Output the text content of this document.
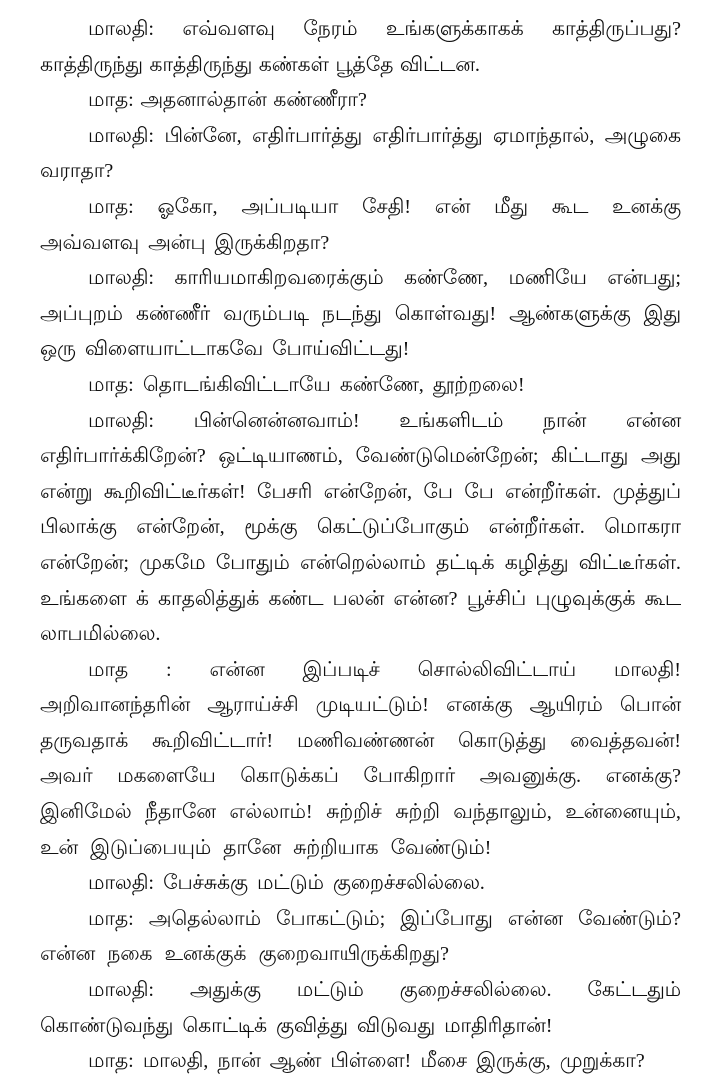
மாலதி: எவ்வளவு நேரம் உங்களுக்காகக் காத்திருப்பது? காத்திருந்து காத்திருந்து கண்கள் பூத்தே விட்டன.

மாத: அதனால்தான் கண்ணீரா?

மாலதி: பின்னே, எதிர்பார்த்து எதிர்பார்த்து ஏமாந்தால், அழுகை வராதா?

மாத: ஓகோ, அப்படியா சேதி! என் மீது கூட உனக்கு அவ்வளவு அன்பு இருக்கிறதா?

மாலதி: காரியமாகிறவரைக்கும் கண்ணே, மணியே என்பது; அப்புறம் கண்ணீர் வரும்படி நடந்து கொள்வது! ஆண்களுக்கு இது ஒரு விளையாட்டாகவே போய்விட்டது!

மாத: தொடங்கிவிட்டாயே கண்ணே, தூற்றலை!

மாலதி: பின்னென்னவாம்! உங்களிடம் நான் என்ன எதிர்பார்க்கிறேன்? ஒட்டியாணம், வேண்டுமென்றேன்; கிட்டாது அது என்று கூறிவிட்டீர்கள்! பேசரி என்றேன், பே பே என்றீர்கள். முத்துப் பிலாக்கு என்றேன், மூக்கு கெட்டுப்போகும் என்றீர்கள். மொகரா என்றேன்; முகமே போதும் என்றெல்லாம் தட்டிக் கழித்து விட்டீர்கள். உங்களை க் காதலித்துக் கண்ட பலன் என்ன? பூச்சிப் புழுவுக்குக் கூட லாபமில்லை.

மாத : என்ன இப்படிச் சொல்லிவிட்டாய் மாலதி! அறிவானந்தரின் ஆராய்ச்சி முடியட்டும்! எனக்கு ஆயிரம் பொன் தருவதாக் கூறிவிட்டார்! மணிவண்ணன் கொடுத்து வைத்தவன்! அவர் மகளையே கொடுக்கப் போகிறார் அவனுக்கு. எனக்கு? இனிமேல் நீதானே எல்லாம்! சுற்றிச் சுற்றி வந்தாலும், உன்னையும், உன் இடுப்பையும் தானே சுற்றியாக வேண்டும்!

மாலதி: பேச்சுக்கு மட்டும் குறைச்சலில்லை.

மாத: அதெல்லாம் போகட்டும்; இப்போது என்ன வேண்டும்? என்ன நகை உனக்குக் குறைவாயிருக்கிறது?

மாலதி: அதுக்கு மட்டும் குறைச்சலில்லை. கேட்டதும் கொண்டுவந்து கொட்டிக் குவித்து விடுவது மாதிரிதான்!

மாத: மாலதி, நான் ஆண் பிள்ளை! மீசை இருக்கு, முறுக்கா?
